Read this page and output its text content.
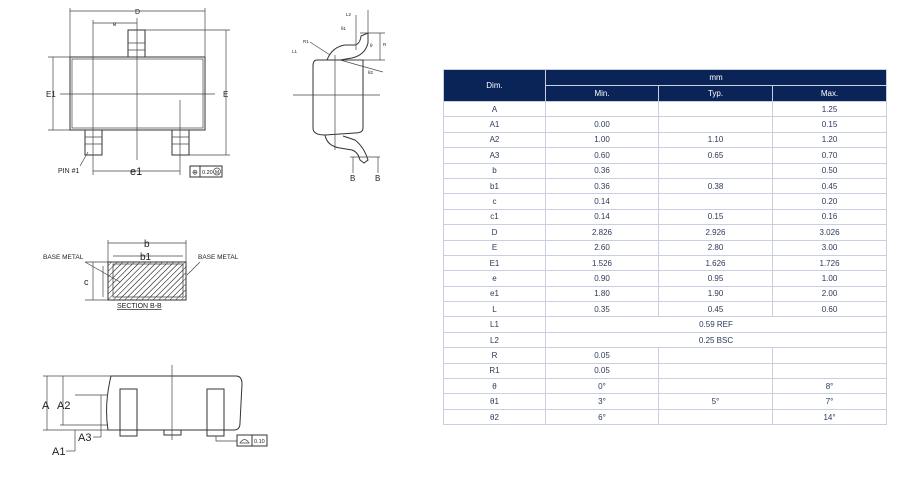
D
e
E1	E
e1
PIN #1	⊕ 0.20 M
L2
θ1
R
R1
L1
θ2
θ
B B
b
b1
BASE METAL	BASE METAL
c
SECTION B-B
A A2
A3
A1
0.10
Dim.	mm		
	Min.	Typ.	Max.
A			1.25
A1	0.00		0.15
A2	1.00	1.10	1.20
A3	0.60	0.65	0.70
b	0.36		0.50
b1	0.36	0.38	0.45
c	0.14		0.20
c1	0.14	0.15	0.16
D	2.826	2.926	3.026
E	2.60	2.80	3.00
E1	1.526	1.626	1.726
e	0.90	0.95	1.00
e1	1.80	1.90	2.00
L	0.35	0.45	0.60
L1	0.59 REF		
L2	0.25 BSC		
R	0.05		
R1	0.05		
θ	0°		8°
θ1	3°	5°	7°
θ2	6°		14°
